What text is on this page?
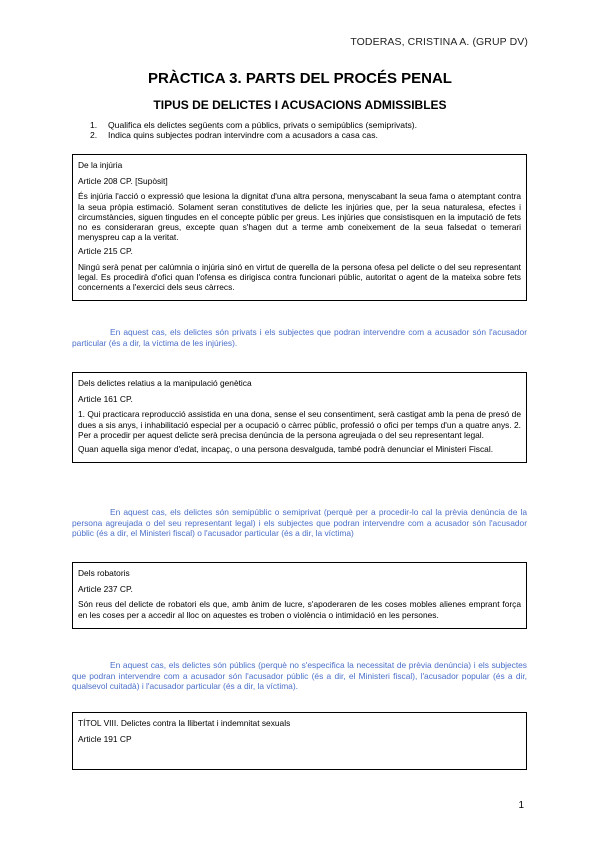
TODERAS, CRISTINA A. (GRUP DV)
PRÀCTICA 3. PARTS DEL PROCÉS PENAL
TIPUS DE DELICTES I ACUSACIONS ADMISSIBLES
1. Qualifica els delictes següents com a públics, privats o semipúblics (semiprivats).
2. Indica quins subjectes podran intervindre com a acusadors a casa cas.

De la injúria

Article 208 CP. [Supòsit]

És injúria l'acció o expressió que lesiona la dignitat d'una altra persona, menyscabant la seua fama o atemptant contra la seua pròpia estimació. Solament seran constitutives de delicte les injúries que, per la seua naturalesa, efectes i circumstàncies, siguen tingudes en el concepte públic per greus. Les injúries que consistisquen en la imputació de fets no es consideraran greus, excepte quan s'hagen dut a terme amb coneixement de la seua falsedat o temerari menyspreu cap a la veritat.

Article 215 CP.

Ningú serà penat per calúmnia o injúria sinó en virtut de querella de la persona ofesa pel delicte o del seu representant legal. Es procedirà d'ofici quan l'ofensa es dirigisca contra funcionari públic, autoritat o agent de la mateixa sobre fets concernents a l'exercici dels seus càrrecs.

En aquest cas, els delictes són privats i els subjectes que podran intervendre com a acusador són l'acusador particular (és a dir, la víctima de les injúries).

Dels delictes relatius a la manipulació genètica

Article 161 CP.

1. Qui practicara reproducció assistida en una dona, sense el seu consentiment, serà castigat amb la pena de presó de dues a sis anys, i inhabilitació especial per a ocupació o càrrec públic, professió o ofici per temps d'un a quatre anys. 2. Per a procedir per aquest delicte serà precisa denúncia de la persona agreujada o del seu representant legal.

Quan aquella siga menor d'edat, incapaç, o una persona desvalguda, també podrà denunciar el Ministeri Fiscal.

En aquest cas, els delictes són semipúblic o semiprivat (perquè per a procedir-lo cal la prèvia denúncia de la persona agreujada o del seu representant legal) i els subjectes que podran intervendre com a acusador són l'acusador públic (és a dir, el Ministeri fiscal) o l'acusador particular (és a dir, la víctima)

Dels robatoris

Article 237 CP.

Són reus del delicte de robatori els que, amb ànim de lucre, s'apoderaren de les coses mobles alienes emprant força en les coses per a accedir al lloc on aquestes es troben o violència o intimidació en les persones.

En aquest cas, els delictes són públics (perquè no s'especifica la necessitat de prèvia denúncia) i els subjectes que podran intervendre com a acusador són l'acusador públic (és a dir, el Ministeri fiscal), l'acusador popular (és a dir, qualsevol cuitadà) i l'acusador particular (és a dir, la víctima).

TÍTOL VIII. Delictes contra la llibertat i indemnitat sexuals

Article 191 CP

1
